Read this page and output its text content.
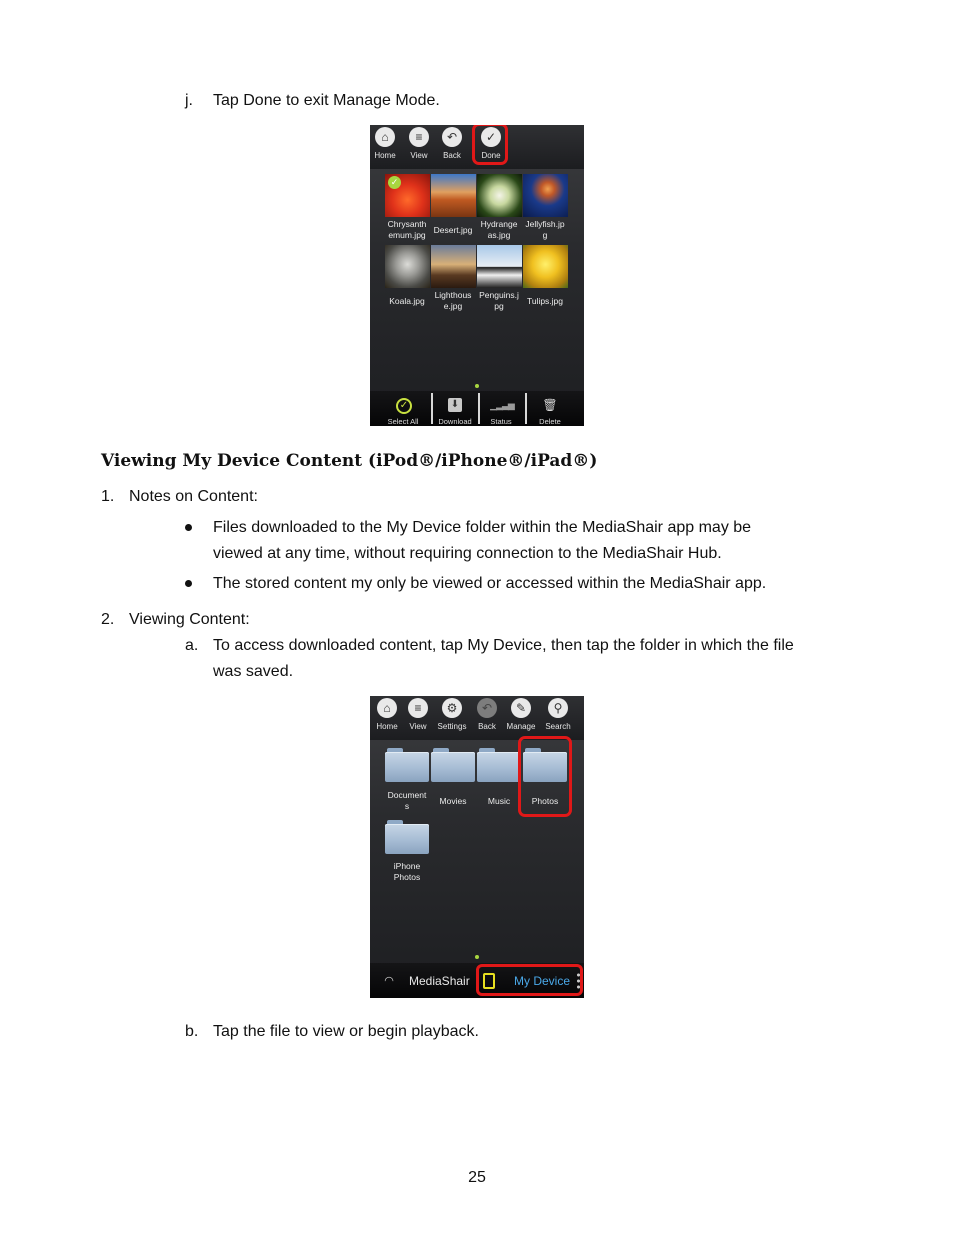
j. Tap Done to exit Manage Mode.
⌂
Home
≡
View
↶
Back
✓
Done
✓
Chrysanth
emum.jpg Desert.jpg
Hydrange
as.jpg
Jellyfish.jp
g
Koala.jpg
Lighthous
e.jpg
Penguins.j
pg	Tulips.jpg
✓
Select All
⬇
Download
▁▂▃▅
Status
🗑
Delete
Viewing My Device Content (iPod®/iPhone®/iPad®)
1. Notes on Content:
Files downloaded to the My Device folder within the MediaShair app may be
viewed at any time, without requiring connection to the MediaShair Hub.
The stored content my only be viewed or accessed within the MediaShair app.
2. Viewing Content:
a. To access downloaded content, tap My Device, then tap the folder in which the file
was saved.
⌂
Home
≡
View
⚙
Settings
↶
Back
✎
Manage
⚲
Search
Document
s	Movies	Music	Photos
iPhone
Photos
◠ MediaShair	My Device
b. Tap the file to view or begin playback.
25
